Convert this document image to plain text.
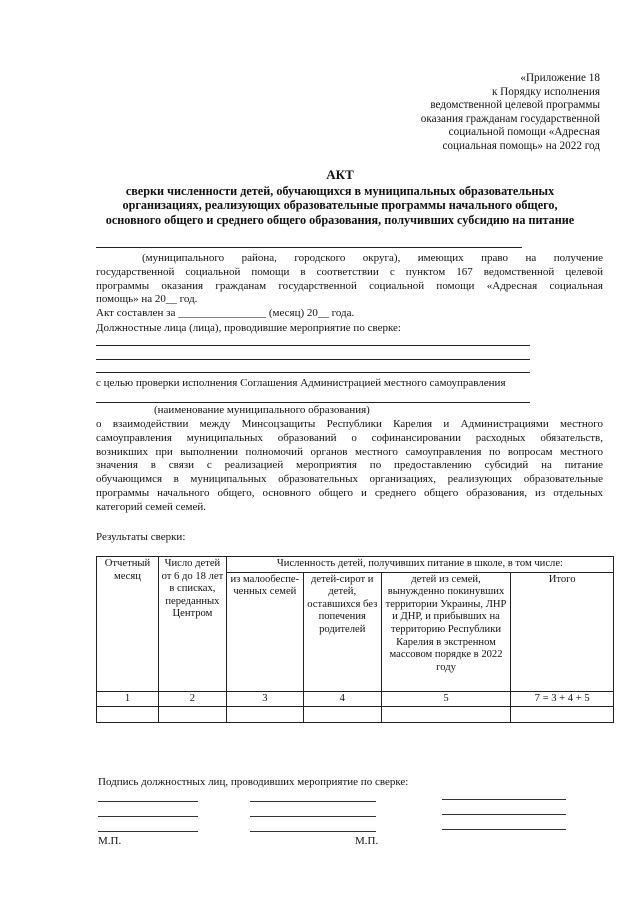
«Приложение 18
к Порядку исполнения
ведомственной целевой программы
оказания гражданам государственной
социальной помощи «Адресная
социальная помощь» на 2022 год
АКТ
сверки численности детей, обучающихся в муниципальных образовательных
организациях, реализующих образовательные программы начального общего,
основного общего и среднего общего образования, получивших субсидию на питание
(муниципального района, городского округа), имеющих право на получение
государственной социальной помощи в соответствии с пунктом 167 ведомственной целевой
программы оказания гражданам государственной социальной помощи «Адресная социальная
помощь» на 20__ год.
Акт составлен за ________________ (месяц) 20__ года.
Должностные лица (лица), проводившие мероприятие по сверке:
с целью проверки исполнения Соглашения Администрацией местного самоуправления
(наименование муниципального образования)
о взаимодействии между Минсоцзащиты Республики Карелия и Администрациями местного
самоуправления муниципальных образований о софинансировании расходных обязательств,
возникших при выполнении полномочий органов местного самоуправления по вопросам местного
значения в связи с реализацией мероприятия по предоставлению субсидий на питание
обучающимся в муниципальных образовательных организациях, реализующих образовательные
программы начального общего, основного общего и среднего общего образования, из отдельных
категорий семей семей.
Результаты сверки:
Отчетный месяц	Число детей от 6 до 18 лет в списках, переданных Центром	Численность детей, получивших питание в школе, в том числе:			
		из малообеспе-ченных семей	детей-сирот и детей, оставшихся без попечения родителей	детей из семей, вынужденно покинувших территории Украины, ЛНР и ДНР, и прибывших на территорию Республики Карелия в экстренном массовом порядке в 2022 году	Итого
1	2	3	4	5	7 = 3 + 4 + 5

Подпись должностных лиц, проводивших мероприятие по сверке:
М.П.	М.П.
